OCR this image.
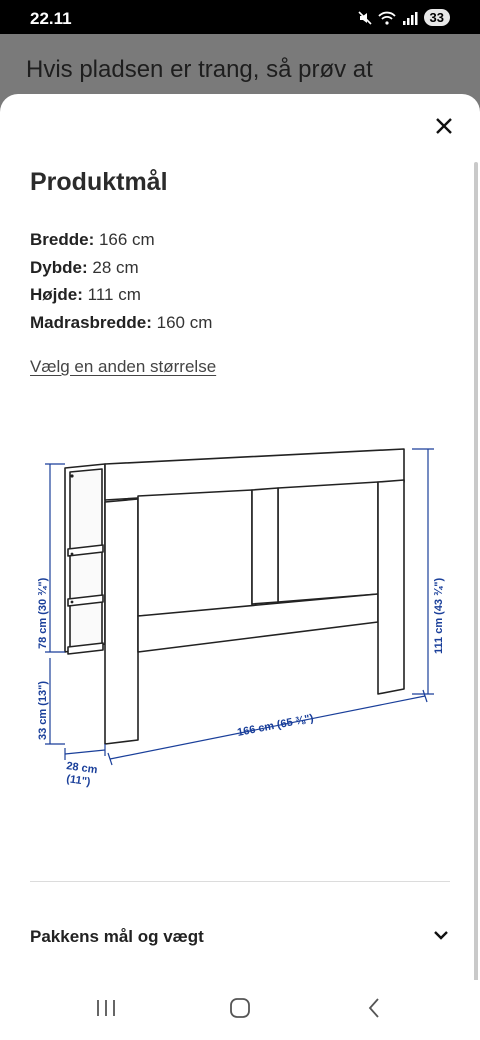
22.11	33
Hvis pladsen er trang, så prøv at
Produktmål
Bredde: 166 cm
Dybde: 28 cm
Højde: 111 cm
Madrasbredde: 160 cm
Vælg en anden størrelse
78 cm (30 ¾")
33 cm (13")
111 cm (43 ¾")
166 cm (65 ⅜")
28 cm
(11")
Pakkens mål og vægt
